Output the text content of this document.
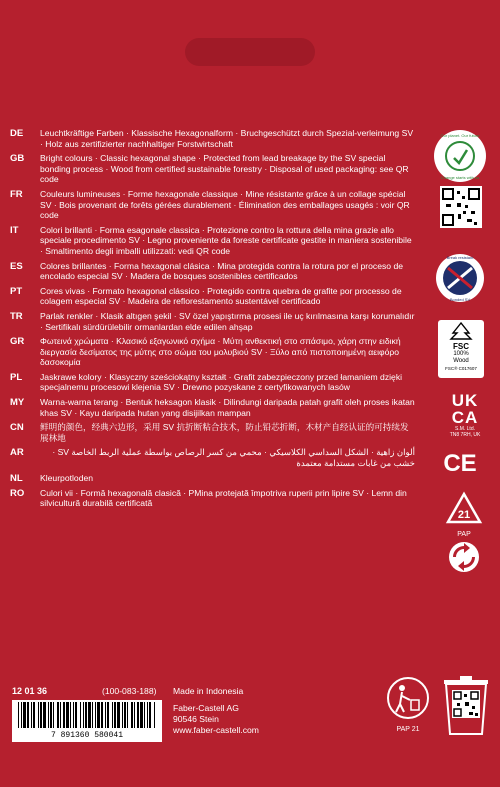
DE	Leuchtkräftige Farben · Klassische Hexagonalform · Bruchgeschützt durch Spezial-verleimung SV · Holz aus zertifizierter nachhaltiger Forstwirtschaft
GB	Bright colours · Classic hexagonal shape · Protected from lead breakage by the SV special bonding process · Wood from certified sustainable forestry · Disposal of used packaging: see QR code
FR	Couleurs lumineuses · Forme hexagonale classique · Mine résistante grâce à un collage spécial SV · Bois provenant de forêts gérées durablement · Élimination des emballages usagés : voir QR code
IT	Colori brillanti · Forma esagonale classica · Protezione contro la rottura della mina grazie allo speciale procedimento SV · Legno proveniente da foreste certificate gestite in maniera sostenibile · Smaltimento degli imballi utilizzati: vedi QR code
ES	Colores brillantes · Forma hexagonal clásica · Mina protegida contra la rotura por el proceso de encolado especial SV · Madera de bosques sostenibles certificados
PT	Cores vivas · Formato hexagonal clássico · Protegido contra quebra de grafite por processo de colagem especial SV · Madeira de reflorestamento sustentável certificado
TR	Parlak renkler · Klasik altıgen şekil · SV özel yapıştırma prosesi ile uç kırılmasına karşı korumalıdır · Sertifikalı sürdürülebilir ormanlardan elde edilen ahşap
GR	Φωτεινά χρώματα · Κλασικό εξαγωνικό σχήμα · Μύτη ανθεκτική στο σπάσιμο, χάρη στην ειδική διεργασία δεσίματος της μύτης στο σώμα του μολυβιού SV · Ξύλο από πιστοποιημένη αειφόρο δασοκομία
PL	Jaskrawe kolory · Klasyczny sześciokątny kształt · Grafit zabezpieczony przed łamaniem dzięki specjalnemu procesowi klejenia SV · Drewno pozyskane z certyfikowanych lasów
MY	Warna-warna terang · Bentuk heksagon klasik · Dilindungi daripada patah grafit oleh proses ikatan khas SV · Kayu daripada hutan yang disijilkan mampan
CN	鲜明的颜色，经典六边形，采用 SV 抗折断粘合技术，防止铅芯折断，木材产自经认证的可持续发展林地
AR	ألوان زاهية · الشكل السداسي الكلاسيكي · محمي من كسر الرصاص بواسطة عملية الربط الخاصة SV · خشب من غابات مستدامة معتمدة
NL	Kleurpotloden
RO	Culori vii · Formă hexagonală clasică · PMina protejată împotriva ruperii prin lipire SV · Lemn din silvicultură durabilă certificată
Our planet. Our future
Change starts with us
Break resistant
Bonded SV
FSC
100%
Wood
FSC® C017607
UK
CA
S.M. Ltd.
TN8 7RH, UK
CE
21
PAP
12 01 36	(100-083-188) Made in Indonesia
Faber-Castell AG
90546 Stein
www.faber-castell.com
7 891360 580041
PAP 21
